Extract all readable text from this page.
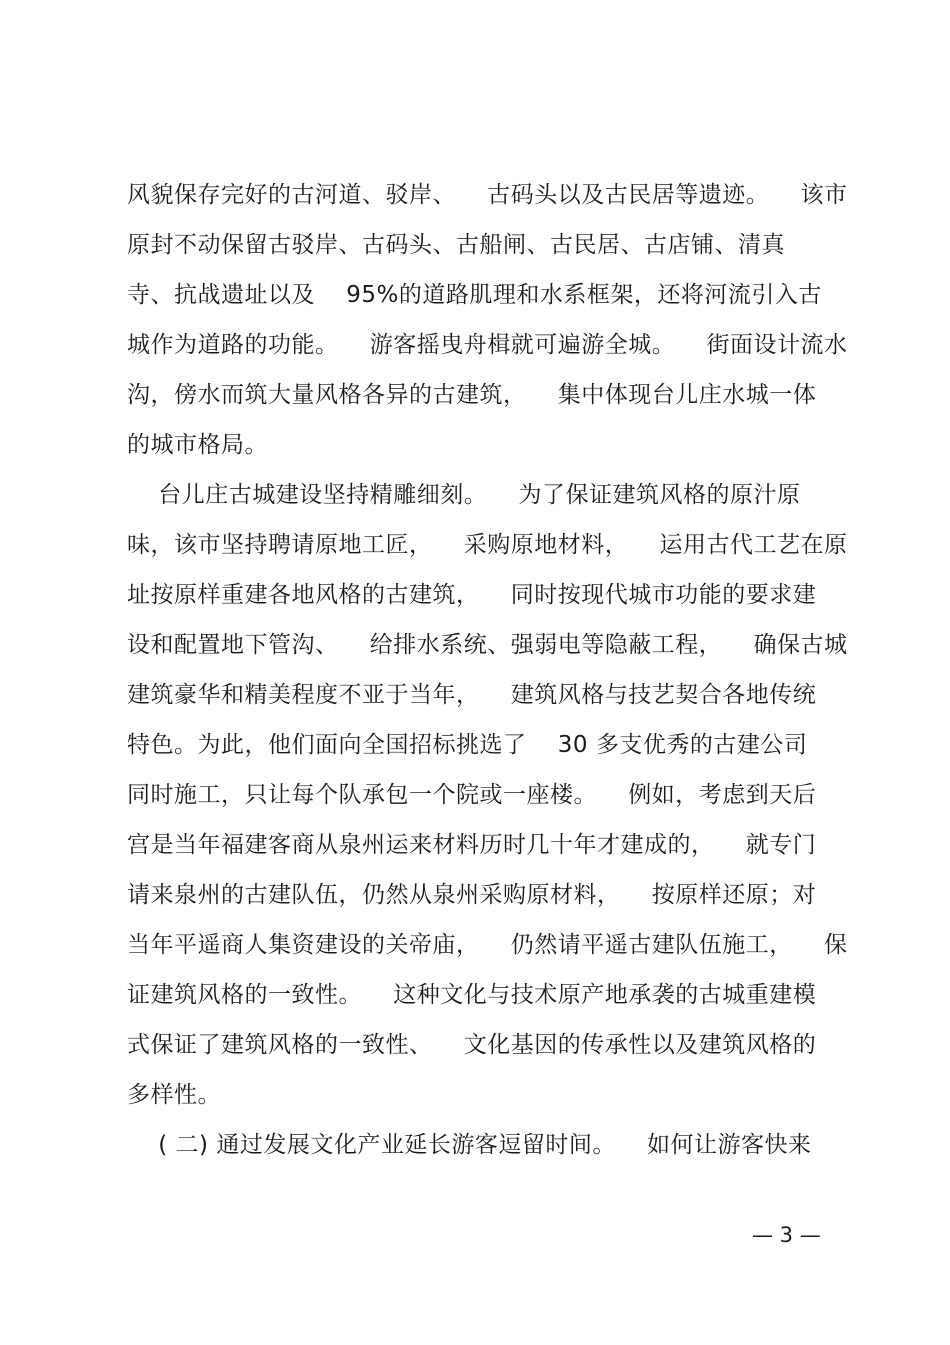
风貌保存完好的古河道、驳岸、    古码头以及古民居等遗迹。    该市
原封不动保留古驳岸、古码头、古船闸、古民居、古店铺、清真
寺、抗战遗址以及    95%的道路肌理和水系框架，还将河流引入古
城作为道路的功能。    游客摇曳舟楫就可遍游全城。    街面设计流水
沟，傍水而筑大量风格各异的古建筑，    集中体现台儿庄水城一体
的城市格局。
台儿庄古城建设坚持精雕细刻。    为了保证建筑风格的原汁原
味，该市坚持聘请原地工匠，    采购原地材料，    运用古代工艺在原
址按原样重建各地风格的古建筑，    同时按现代城市功能的要求建
设和配置地下管沟、    给排水系统、强弱电等隐蔽工程，    确保古城
建筑豪华和精美程度不亚于当年，    建筑风格与技艺契合各地传统
特色。为此，他们面向全国招标挑选了    30 多支优秀的古建公司
同时施工，只让每个队承包一个院或一座楼。    例如，考虑到天后
宫是当年福建客商从泉州运来材料历时几十年才建成的，    就专门
请来泉州的古建队伍，仍然从泉州采购原材料，    按原样还原；对
当年平遥商人集资建设的关帝庙，    仍然请平遥古建队伍施工，    保
证建筑风格的一致性。    这种文化与技术原产地承袭的古城重建模
式保证了建筑风格的一致性、    文化基因的传承性以及建筑风格的
多样性。
( 二) 通过发展文化产业延长游客逗留时间。    如何让游客快来
— 3 —
